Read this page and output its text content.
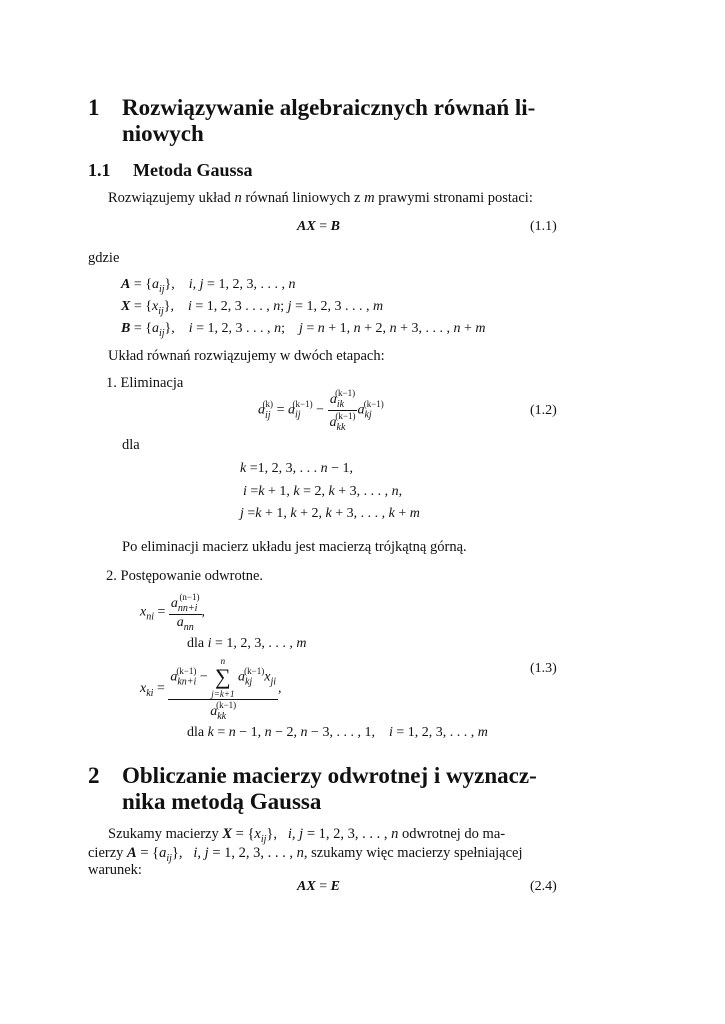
1 Rozwiązywanie algebraicznych równań li-
niowych
1.1 Metoda Gaussa
Rozwiązujemy układ n równań liniowych z m prawymi stronami postaci:
AX = B	(1.1)
gdzie
$A = \{a_{ij}\}$,    i, j = 1, 2, 3, . . . , n
$X = \{x_{ij}\}$,    i = 1, 2, 3 . . . , n; j = 1, 2, 3 . . . , m
$B = \{a_{ij}\}$,    i = 1, 2, 3 . . . , n;    j = n + 1, n + 2, n + 3, . . . , n + m
Układ równań rozwiązujemy w dwóch etapach:
1. Eliminacja
$a_{ij}^{(k)} = a_{ij}^{(k-1)} - \frac{a_{ik}^{(k-1)}}{a_{kk}^{(k-1)}} a_{kj}^{(k-1)}$	(1.2)
dla
k =1, 2, 3, . . . n − 1,
i =k + 1, k = 2, k + 3, . . . , n,
j =k + 1, k + 2, k + 3, . . . , k + m
Po eliminacji macierz układu jest macierzą trójkątną górną.
2. Postępowanie odwrotne.
$x_{ni} = \frac{a_{nn+i}^{(n-1)}}{a_{nn}}$ ,
dla i = 1, 2, 3, . . . , m
$x_{ki} = a_{kn+i}^{(k-1)}$ −
n
∑
j=k+1
$a_{kj}^{(k-1)}x_{ji}$
$a_{kk}^{(k-1)}$ ,
(1.3)
dla k = n − 1, n − 2, n − 3, . . . , 1,    i = 1, 2, 3, . . . , m
2 Obliczanie macierzy odwrotnej i wyznacz-
nika metodą Gaussa
Szukamy macierzy $X = \{x_{ij}\}$,   i, j = 1, 2, 3, . . . , n odwrotnej do ma-
cierzy $A = \{a_{ij}\}$,   i, j = 1, 2, 3, . . . , n, szukamy więc macierzy spełniającej
warunek:
AX = E	(2.4)
